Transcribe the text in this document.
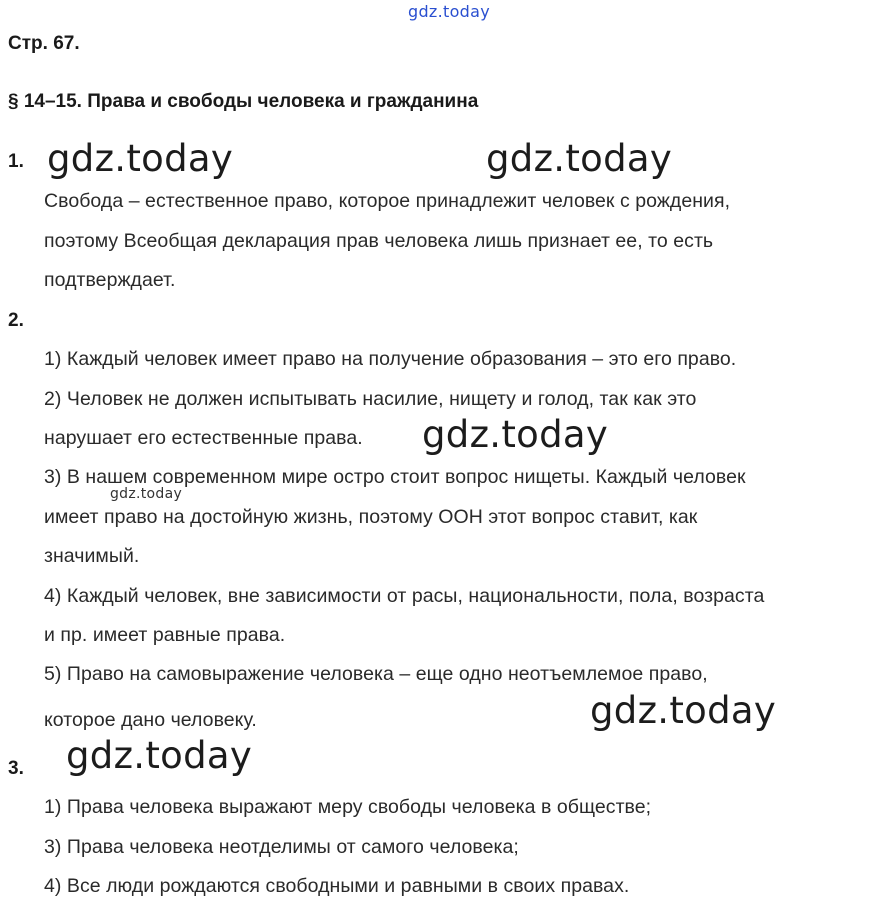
gdz.today
Стр. 67.
§ 14–15. Права и свободы человека и гражданина
1. gdz.today	gdz.today
Свобода – естественное право, которое принадлежит человек с рождения,
поэтому Всеобщая декларация прав человека лишь признает ее, то есть
подтверждает.
2.
1) Каждый человек имеет право на получение образования – это его право.
2) Человек не должен испытывать насилие, нищету и голод, так как это
нарушает его естественные права. gdz.today
3) В нашем современном мире остро стоит вопрос нищеты. Каждый человек
gdz.today
имеет право на достойную жизнь, поэтому ООН этот вопрос ставит, как
значимый.
4) Каждый человек, вне зависимости от расы, национальности, пола, возраста
и пр. имеет равные права.
5) Право на самовыражение человека – еще одно неотъемлемое право,
которое дано человеку.	gdz.today
3. gdz.today
1) Права человека выражают меру свободы человека в обществе;
3) Права человека неотделимы от самого человека;
4) Все люди рождаются свободными и равными в своих правах.
